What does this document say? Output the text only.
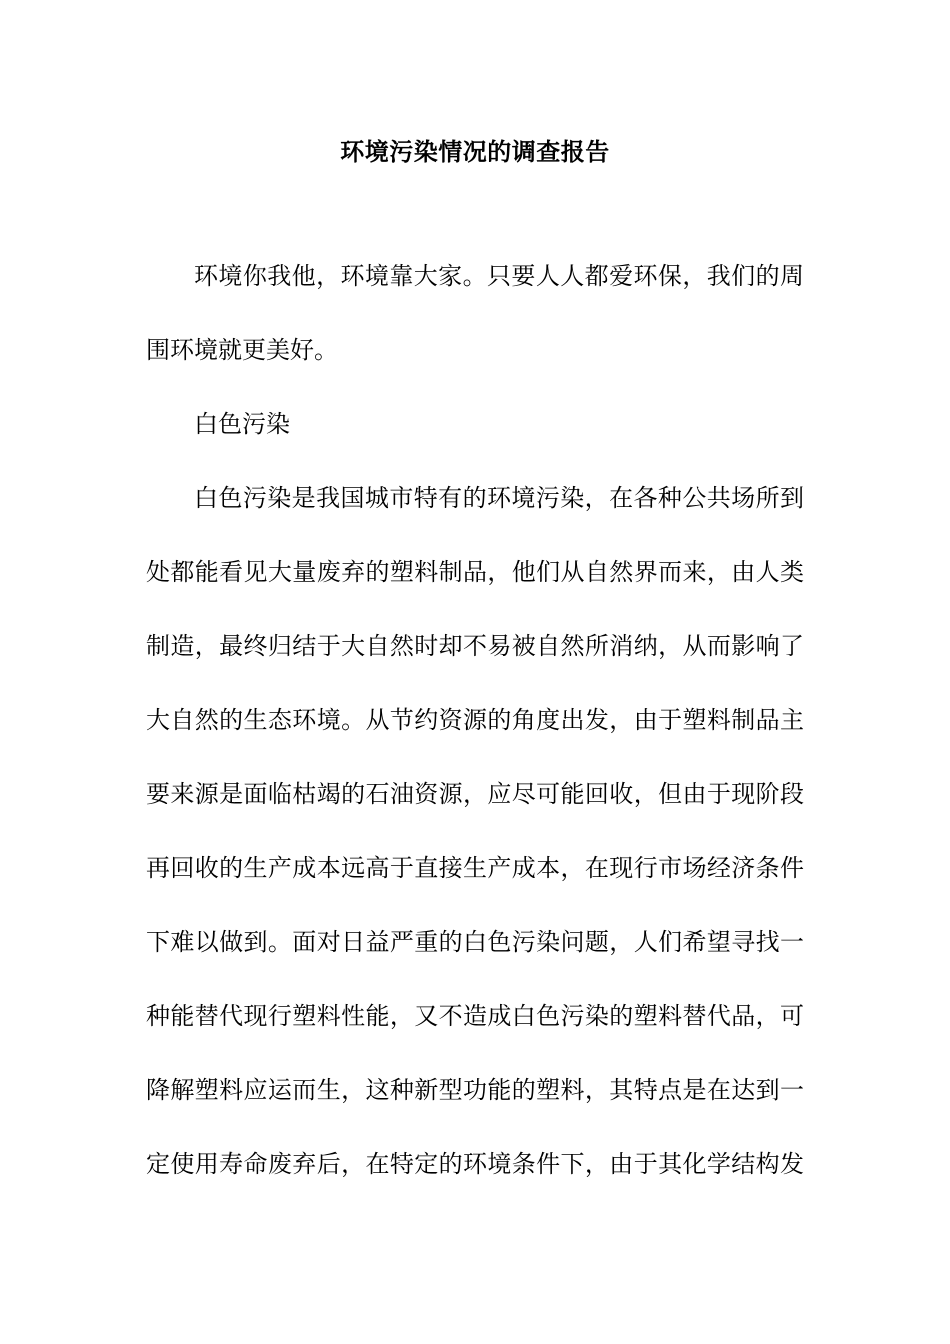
环境污染情况的调查报告
环境你我他，环境靠大家。只要人人都爱环保，我们的周
围环境就更美好。
白色污染
白色污染是我国城市特有的环境污染，在各种公共场所到
处都能看见大量废弃的塑料制品，他们从自然界而来，由人类
制造，最终归结于大自然时却不易被自然所消纳，从而影响了
大自然的生态环境。从节约资源的角度出发，由于塑料制品主
要来源是面临枯竭的石油资源，应尽可能回收，但由于现阶段
再回收的生产成本远高于直接生产成本，在现行市场经济条件
下难以做到。面对日益严重的白色污染问题，人们希望寻找一
种能替代现行塑料性能，又不造成白色污染的塑料替代品，可
降解塑料应运而生，这种新型功能的塑料，其特点是在达到一
定使用寿命废弃后，在特定的环境条件下，由于其化学结构发
